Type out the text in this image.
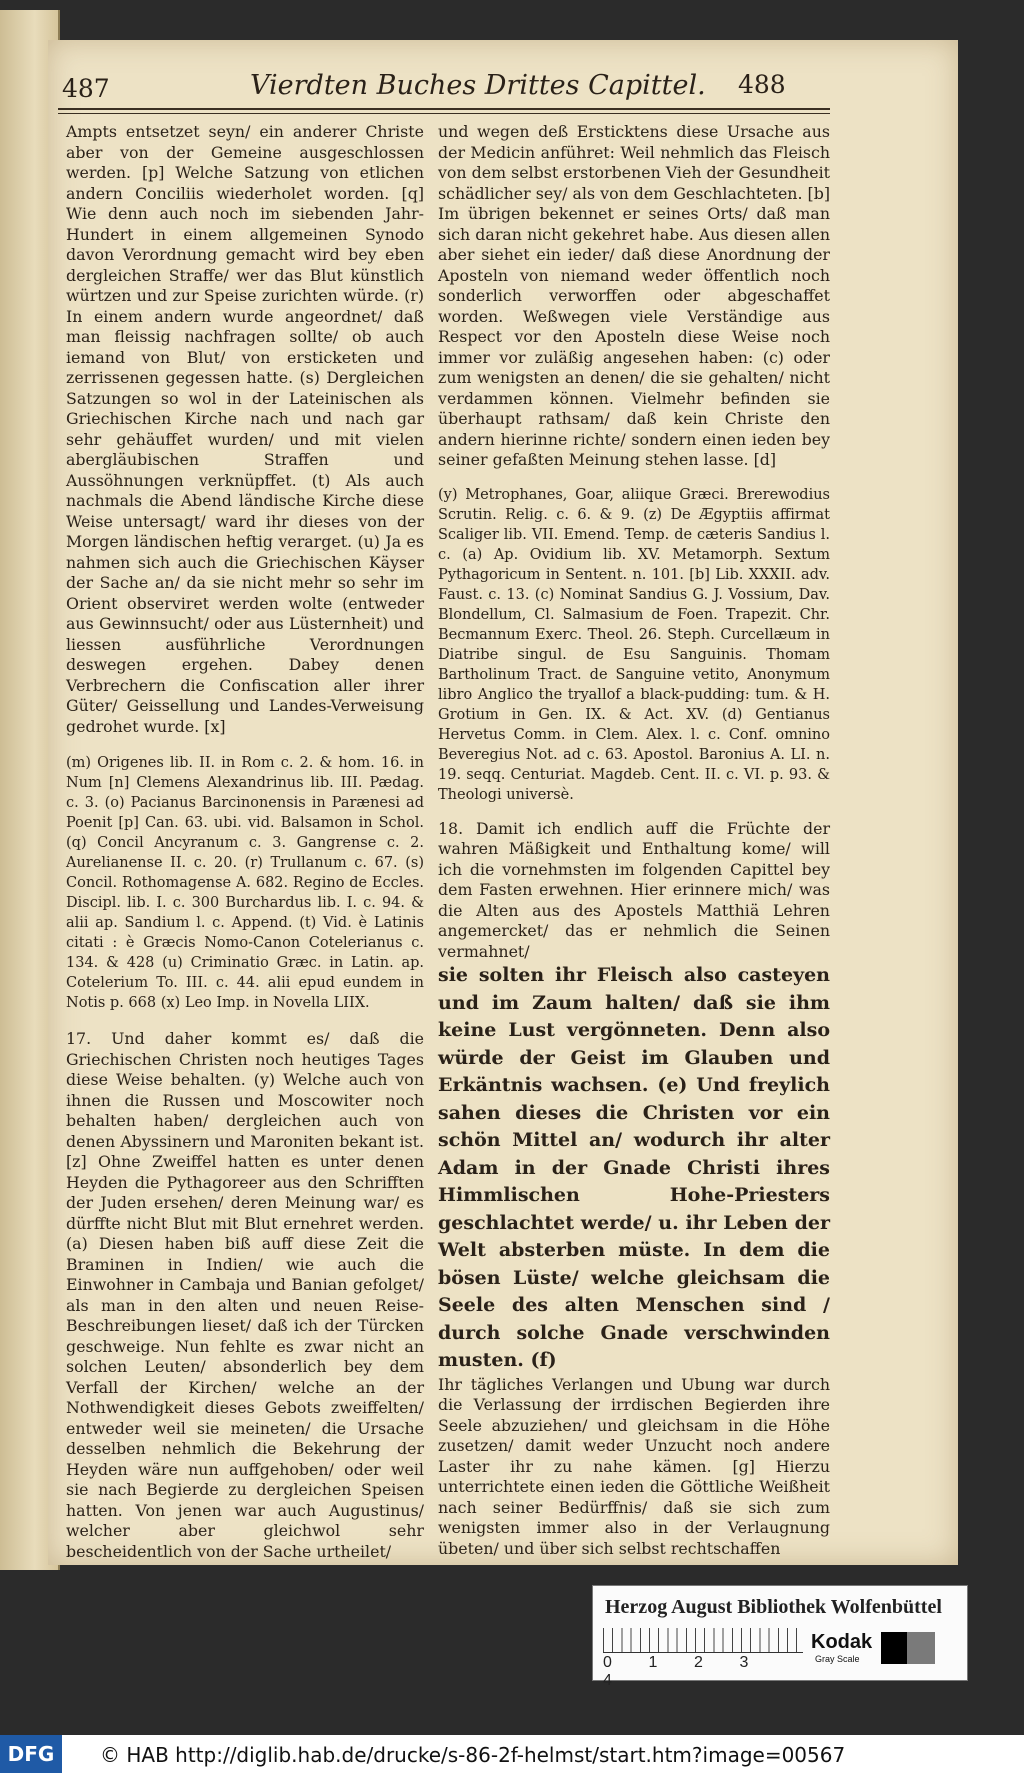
487	Vierdten Buches Drittes Capittel. 488

Ampts entsetzet seyn/ ein anderer Christe aber von der Gemeine ausgeschlossen werden. [p] Welche Satzung von etlichen andern Conciliis wiederholet worden. [q] Wie denn auch noch im siebenden Jahr-Hundert in einem allgemeinen Synodo davon Verordnung gemacht wird bey eben dergleichen Straffe/ wer das Blut künstlich würtzen und zur Speise zurichten würde. (r) In einem andern wurde angeordnet/ daß man fleissig nachfragen sollte/ ob auch iemand von Blut/ von ersticketen und zerrissenen gegessen hatte. (s) Dergleichen Satzungen so wol in der Lateinischen als Griechischen Kirche nach und nach gar sehr gehäuffet wurden/ und mit vielen abergläubischen Straffen und Aussöhnungen verknüpffet. (t) Als auch nachmals die Abend ländische Kirche diese Weise untersagt/ ward ihr dieses von der Morgen ländischen heftig verarget. (u) Ja es nahmen sich auch die Griechischen Käyser der Sache an/ da sie nicht mehr so sehr im Orient observiret werden wolte (entweder aus Gewinnsucht/ oder aus Lüsternheit) und liessen ausführliche Verordnungen deswegen ergehen. Dabey denen Verbrechern die Confiscation aller ihrer Güter/ Geissellung und Landes-Verweisung gedrohet wurde. [x]

(m) Origenes lib. II. in Rom c. 2. & hom. 16. in Num [n] Clemens Alexandrinus lib. III. Pædag. c. 3. (o) Pacianus Barcinonensis in Parænesi ad Poenit [p] Can. 63. ubi. vid. Balsamon in Schol. (q) Concil Ancyranum c. 3. Gangrense c. 2. Aurelianense II. c. 20. (r) Trullanum c. 67. (s) Concil. Rothomagense A. 682. Regino de Eccles. Discipl. lib. I. c. 300 Burchardus lib. I. c. 94. & alii ap. Sandium l. c. Append. (t) Vid. è Latinis citati : è Græcis Nomo-Canon Cotelerianus c. 134. & 428 (u) Criminatio Græc. in Latin. ap. Cotelerium To. III. c. 44. alii epud eundem in Notis p. 668 (x) Leo Imp. in Novella LIIX.

17. Und daher kommt es/ daß die Griechischen Christen noch heutiges Tages diese Weise behalten. (y) Welche auch von ihnen die Russen und Moscowiter noch behalten haben/ dergleichen auch von denen Abyssinern und Maroniten bekant ist. [z] Ohne Zweiffel hatten es unter denen Heyden die Pythagoreer aus den Schrifften der Juden ersehen/ deren Meinung war/ es dürffte nicht Blut mit Blut ernehret werden. (a) Diesen haben biß auff diese Zeit die Braminen in Indien/ wie auch die Einwohner in Cambaja und Banian gefolget/ als man in den alten und neuen Reise-Beschreibungen lieset/ daß ich der Türcken geschweige. Nun fehlte es zwar nicht an solchen Leuten/ absonderlich bey dem Verfall der Kirchen/ welche an der Nothwendigkeit dieses Gebots zweiffelten/ entweder weil sie meineten/ die Ursache desselben nehmlich die Bekehrung der Heyden wäre nun auffgehoben/ oder weil sie nach Begierde zu dergleichen Speisen hatten. Von jenen war auch Augustinus/ welcher aber gleichwol sehr bescheidentlich von der Sache urtheilet/

und wegen deß Ersticktens diese Ursache aus der Medicin anführet: Weil nehmlich das Fleisch von dem selbst erstorbenen Vieh der Gesundheit schädlicher sey/ als von dem Geschlachteten. [b] Im übrigen bekennet er seines Orts/ daß man sich daran nicht gekehret habe. Aus diesen allen aber siehet ein ieder/ daß diese Anordnung der Aposteln von niemand weder öffentlich noch sonderlich verworffen oder abgeschaffet worden. Weßwegen viele Verständige aus Respect vor den Aposteln diese Weise noch immer vor zuläßig angesehen haben: (c) oder zum wenigsten an denen/ die sie gehalten/ nicht verdammen können. Vielmehr befinden sie überhaupt rathsam/ daß kein Christe den andern hierinne richte/ sondern einen ieden bey seiner gefaßten Meinung stehen lasse. [d]

(y) Metrophanes, Goar, aliique Græci. Brerewodius Scrutin. Relig. c. 6. & 9. (z) De Ægyptiis affirmat Scaliger lib. VII. Emend. Temp. de cæteris Sandius l. c. (a) Ap. Ovidium lib. XV. Metamorph. Sextum Pythagoricum in Sentent. n. 101. [b] Lib. XXXII. adv. Faust. c. 13. (c) Nominat Sandius G. J. Vossium, Dav. Blondellum, Cl. Salmasium de Foen. Trapezit. Chr. Becmannum Exerc. Theol. 26. Steph. Curcellæum in Diatribe singul. de Esu Sanguinis. Thomam Bartholinum Tract. de Sanguine vetito, Anonymum libro Anglico the tryallof a black-pudding: tum. & H. Grotium in Gen. IX. & Act. XV. (d) Gentianus Hervetus Comm. in Clem. Alex. l. c. Conf. omnino Beveregius Not. ad c. 63. Apostol. Baronius A. LI. n. 19. seqq. Centuriat. Magdeb. Cent. II. c. VI. p. 93. & Theologi universè.

18. Damit ich endlich auff die Früchte der wahren Mäßigkeit und Enthaltung kome/ will ich die vornehmsten im folgenden Capittel bey dem Fasten erwehnen. Hier erinnere mich/ was die Alten aus des Apostels Matthiä Lehren angemercket/ das er nehmlich die Seinen vermahnet/

sie solten ihr Fleisch also casteyen und im Zaum halten/ daß sie ihm keine Lust vergönneten. Denn also würde der Geist im Glauben und Erkäntnis wachsen. (e) Und freylich sahen dieses die Christen vor ein schön Mittel an/ wodurch ihr alter Adam in der Gnade Christi ihres Himmlischen Hohe-Priesters geschlachtet werde/ u. ihr Leben der Welt absterben müste. In dem die bösen Lüste/ welche gleichsam die Seele des alten Menschen sind / durch solche Gnade verschwinden musten. (f)

Ihr tägliches Verlangen und Ubung war durch die Verlassung der irrdischen Begierden ihre Seele abzuziehen/ und gleichsam in die Höhe zusetzen/ damit weder Unzucht noch andere Laster ihr zu nahe kämen. [g] Hierzu unterrichtete einen ieden die Göttliche Weißheit nach seiner Bedürffnis/ daß sie sich zum wenigsten immer also in der Verlaugnung übeten/ und über sich selbst rechtschaffen

Herzog August Bibliothek Wolfenbüttel
0 1 2 34
Kodak
Gray Scale
DFG	© HAB http://diglib.hab.de/drucke/s-86-2f-helmst/start.htm?image=00567
